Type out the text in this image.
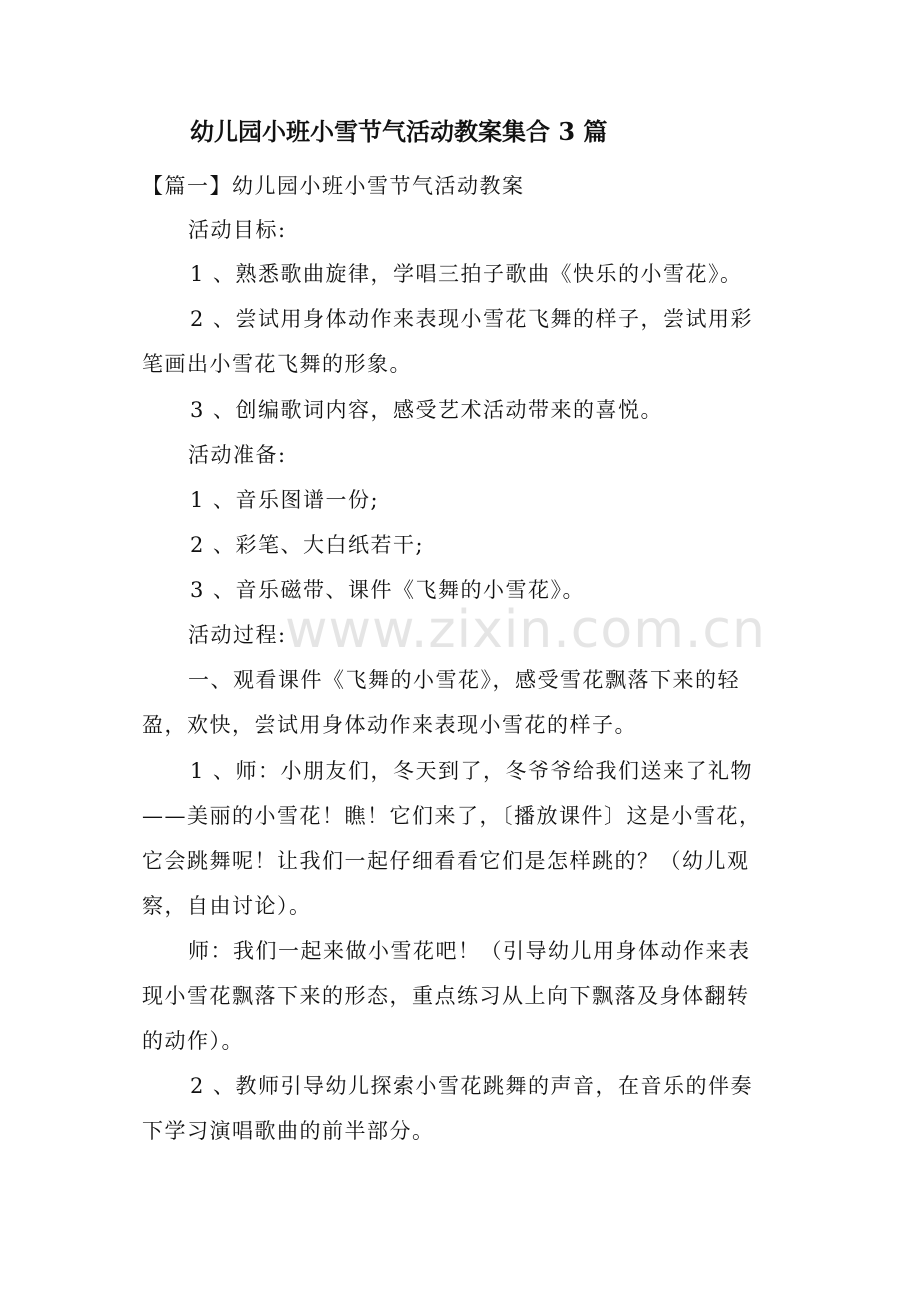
www.zixin.com.cn
幼儿园小班小雪节气活动教案集合 3 篇
【篇一】幼儿园小班小雪节气活动教案
活动目标:
1 、熟悉歌曲旋律，学唱三拍子歌曲《快乐的小雪花》。
2 、尝试用身体动作来表现小雪花飞舞的样子，尝试用彩
笔画出小雪花飞舞的形象。
3 、创编歌词内容，感受艺术活动带来的喜悦。
活动准备:
1 、音乐图谱一份;
2 、彩笔、大白纸若干;
3 、音乐磁带、课件《飞舞的小雪花》。
活动过程:
一、观看课件《飞舞的小雪花》，感受雪花飘落下来的轻
盈，欢快，尝试用身体动作来表现小雪花的样子。
1 、师：小朋友们，冬天到了，冬爷爷给我们送来了礼物
——美丽的小雪花！瞧！它们来了，〔播放课件〕这是小雪花，
它会跳舞呢！让我们一起仔细看看它们是怎样跳的？（幼儿观
察，自由讨论）。
师：我们一起来做小雪花吧！（引导幼儿用身体动作来表
现小雪花飘落下来的形态，重点练习从上向下飘落及身体翻转
的动作）。
2 、教师引导幼儿探索小雪花跳舞的声音，在音乐的伴奏
下学习演唱歌曲的前半部分。
